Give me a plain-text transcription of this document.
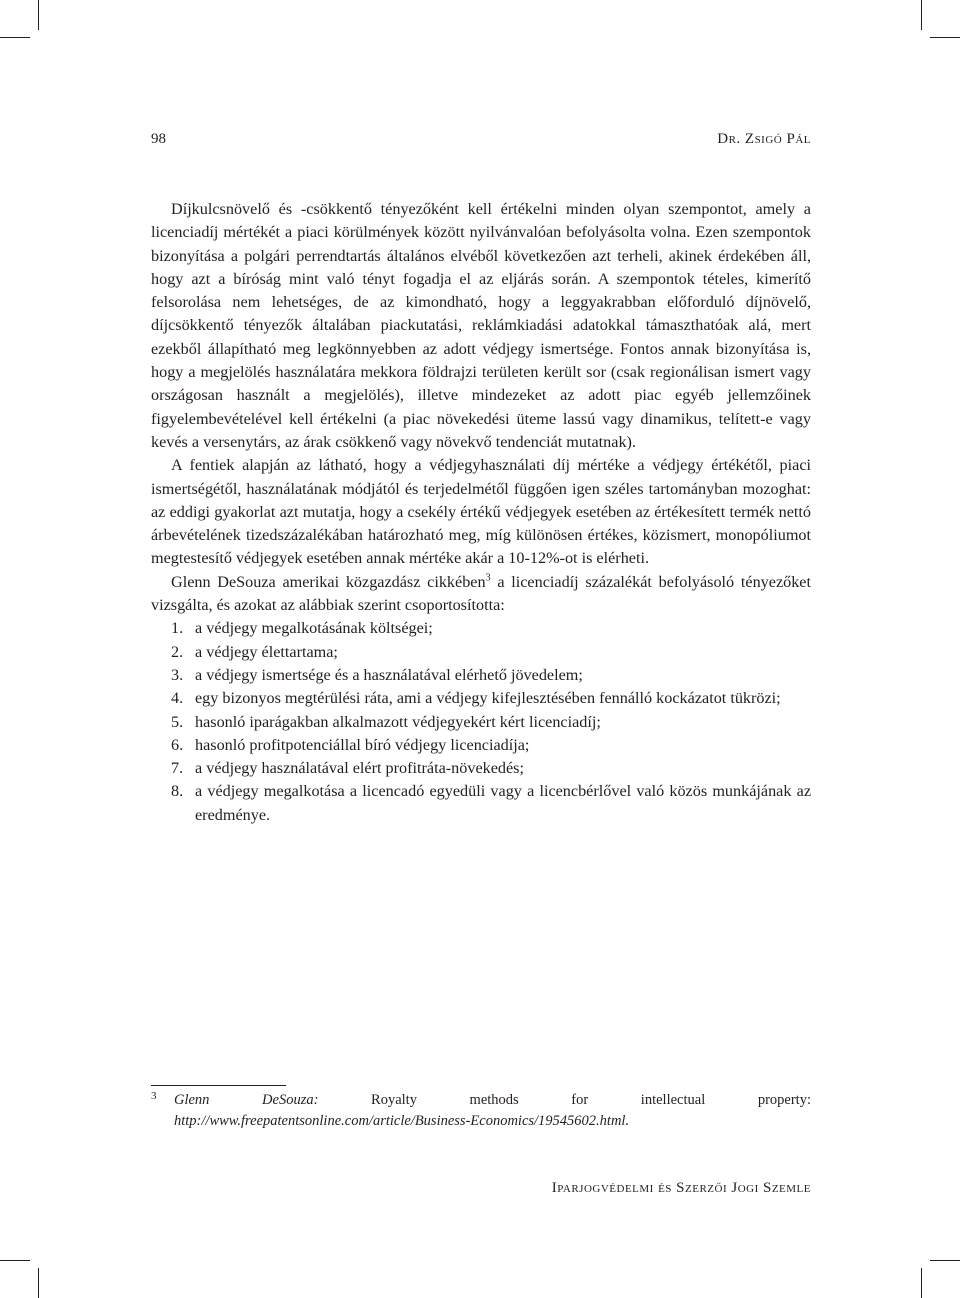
98	Dr. Zsigó Pál

Díjkulcsnövelő és -csökkentő tényezőként kell értékelni minden olyan szempontot, amely a licenciadíj mértékét a piaci körülmények között nyilvánvalóan befolyásolta volna. Ezen szempontok bizonyítása a polgári perrendtartás általános elvéből következően azt terheli, akinek érdekében áll, hogy azt a bíróság mint való tényt fogadja el az eljárás során. A szempontok tételes, kimerítő felsorolása nem lehetséges, de az kimondható, hogy a leggyakrabban előforduló díjnövelő, díjcsökkentő tényezők általában piackutatási, reklámkiadási adatokkal támaszthatóak alá, mert ezekből állapítható meg legkönnyebben az adott védjegy ismertsége. Fontos annak bizonyítása is, hogy a megjelölés használatára mekkora földrajzi területen került sor (csak regionálisan ismert vagy országosan használt a megjelölés), illetve mindezeket az adott piac egyéb jellemzőinek figyelembevételével kell értékelni (a piac növekedési üteme lassú vagy dinamikus, telített-e vagy kevés a versenytárs, az árak csökkenő vagy növekvő tendenciát mutatnak).

A fentiek alapján az látható, hogy a védjegyhasználati díj mértéke a védjegy értékétől, piaci ismertségétől, használatának módjától és terjedelmétől függően igen széles tartományban mozoghat: az eddigi gyakorlat azt mutatja, hogy a csekély értékű védjegyek esetében az értékesített termék nettó árbevételének tizedszázalékában határozható meg, míg különösen értékes, közismert, monopóliumot megtestesítő védjegyek esetében annak mértéke akár a 10-12%-ot is elérheti.

Glenn DeSouza amerikai közgazdász cikkében$^3$ a licenciadíj százalékát befolyásoló tényezőket vizsgálta, és azokat az alábbiak szerint csoportosította:

1. a védjegy megalkotásának költségei;
2. a védjegy élettartama;
3. a védjegy ismertsége és a használatával elérhető jövedelem;
4. egy bizonyos megtérülési ráta, ami a védjegy kifejlesztésében fennálló kockázatot tükrözi;
5. hasonló iparágakban alkalmazott védjegyekért kért licenciadíj;
6. hasonló profitpotenciállal bíró védjegy licenciadíja;
7. a védjegy használatával elért profitráta-növekedés;
8. a védjegy megalkotása a licencadó egyedüli vagy a licencbérlővel való közös munkájának az eredménye.
3 Glenn DeSouza: Royalty methods for intellectual property: http://www.freepatentsonline.com/article/Business-Economics/19545602.html.
Iparjogvédelmi és Szerzői Jogi Szemle
